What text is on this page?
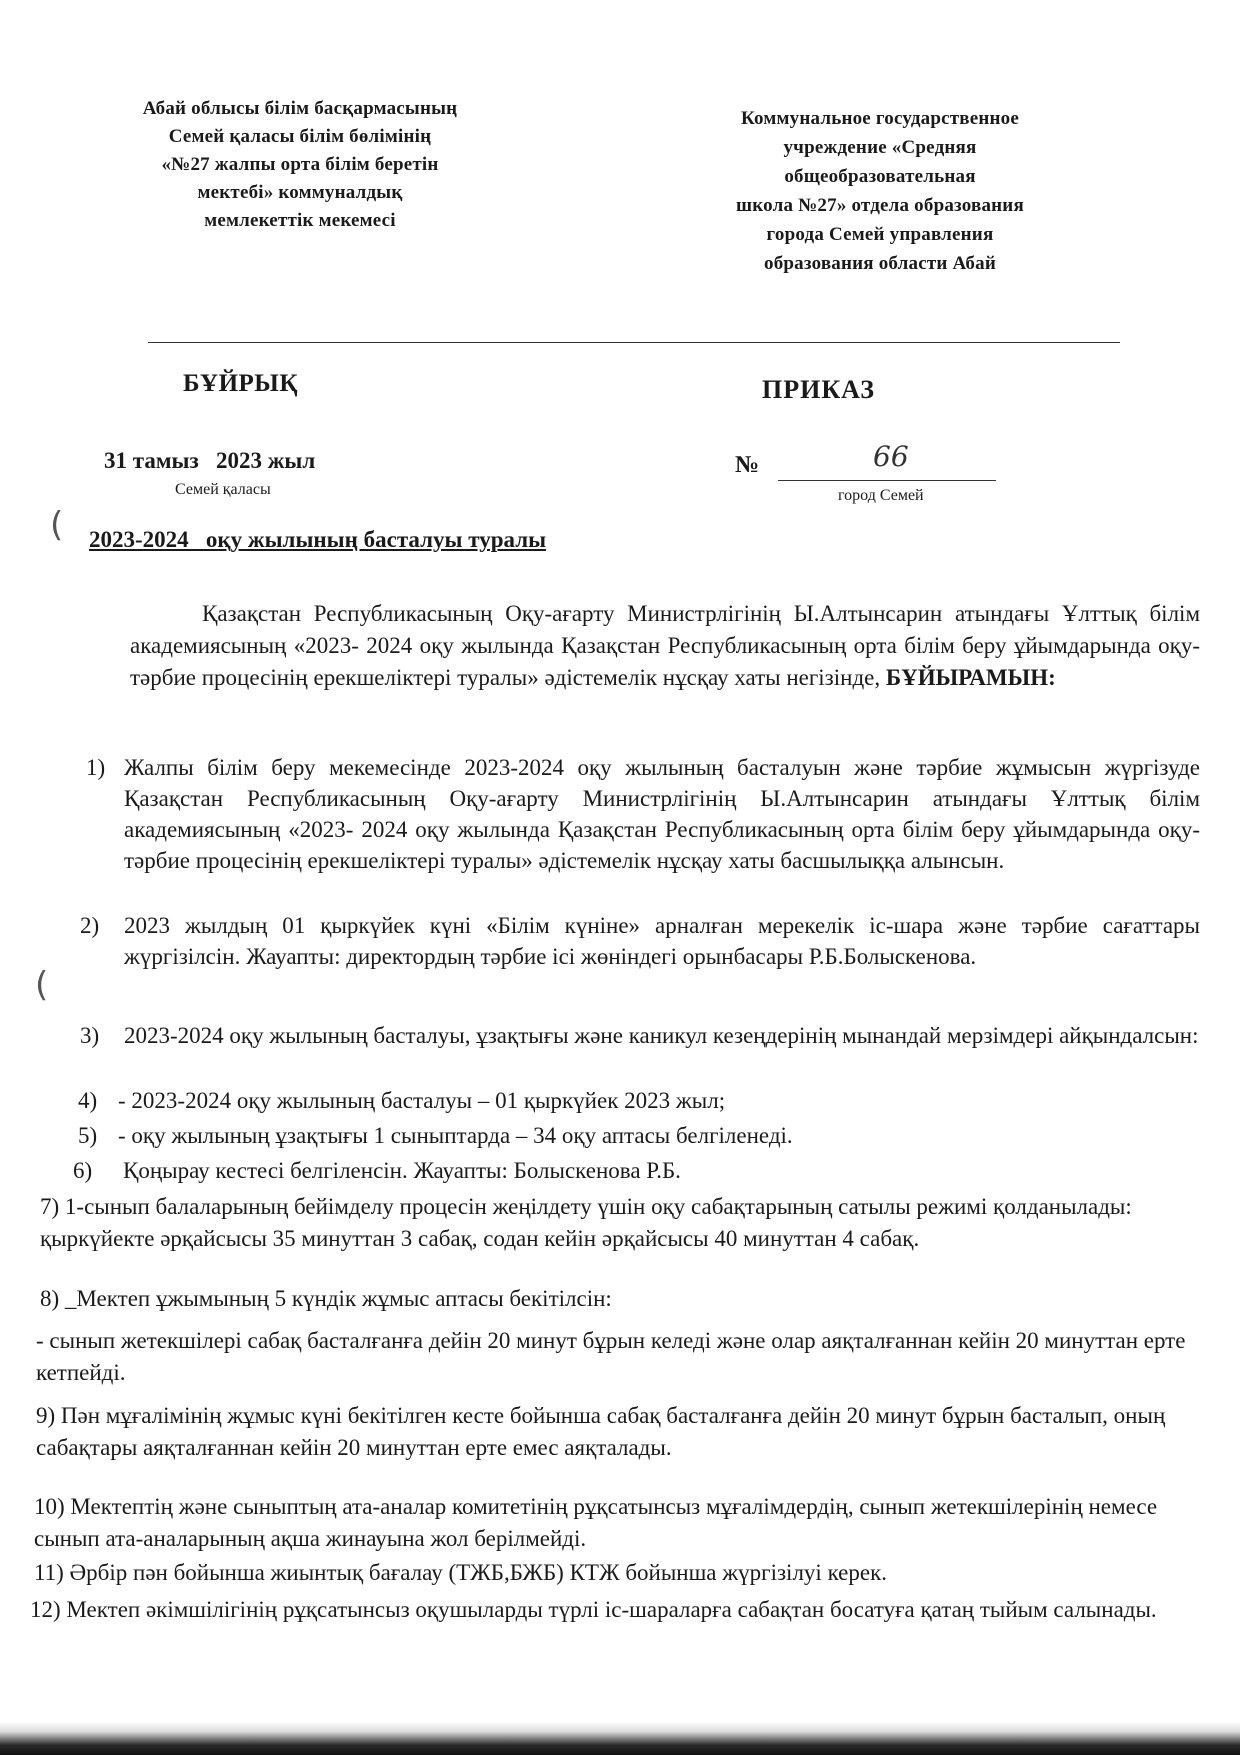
Абай облысы білім басқармасының
Семей қаласы білім бөлімінің
«№27 жалпы орта білім беретін
мектебі» коммуналдық
мемлекеттік мекемесі
Коммунальное государственное
учреждение «Средняя
общеобразовательная
школа №27» отдела образования
города Семей управления
образования области Абай
БҰЙРЫҚ	ПРИКАЗ
31 тамыз   2023 жыл
Семей қаласы
№	66
город Семей
(
(
2023-2024   оқу жылының басталуы туралы
Қазақстан Республикасының Оқу-ағарту Министрлігінің Ы.Алтынсарин атындағы Ұлттық білім академиясының «2023- 2024 оқу жылында Қазақстан Республикасының орта білім беру ұйымдарында оқу-тәрбие процесінің ерекшеліктері туралы» әдістемелік нұсқау хаты негізінде, БҰЙЫРАМЫН:
1) Жалпы білім беру мекемесінде 2023-2024 оқу жылының басталуын және тәрбие жұмысын жүргізуде Қазақстан Республикасының Оқу-ағарту Министрлігінің Ы.Алтынсарин атындағы Ұлттық білім академиясының «2023- 2024 оқу жылында Қазақстан Республикасының орта білім беру ұйымдарында оқу-тәрбие процесінің ерекшеліктері туралы» әдістемелік нұсқау хаты басшылыққа алынсын.
2) 2023 жылдың 01 қыркүйек күні «Білім күніне» арналған мерекелік іс-шара және тәрбие сағаттары жүргізілсін. Жауапты: директордың тәрбие ісі жөніндегі орынбасары Р.Б.Болыскенова.
3) 2023-2024 оқу жылының басталуы, ұзақтығы және каникул кезеңдерінің мынандай мерзімдері айқындалсын:
4) - 2023-2024 оқу жылының басталуы – 01 қыркүйек 2023 жыл;
5) - оқу жылының ұзақтығы 1 сыныптарда – 34 оқу аптасы белгіленеді.
6) Қоңырау кестесі белгіленсін. Жауапты: Болыскенова Р.Б.
7) 1-сынып балаларының бейімделу процесін жеңілдету үшін оқу сабақтарының сатылы режимі қолданылады: қыркүйекте әрқайсысы 35 минуттан 3 сабақ, содан кейін әрқайсысы 40 минуттан 4 сабақ.
8) _Мектеп ұжымының 5 күндік жұмыс аптасы бекітілсін:
- сынып жетекшілері сабақ басталғанға дейін 20 минут бұрын келеді және олар аяқталғаннан кейін 20 минуттан ерте кетпейді.
9) Пән мұғалімінің жұмыс күні бекітілген кесте бойынша сабақ басталғанға дейін 20 минут бұрын басталып, оның сабақтары аяқталғаннан кейін 20 минуттан ерте емес аяқталады.
10) Мектептің және сыныптың ата-аналар комитетінің рұқсатынсыз мұғалімдердің, сынып жетекшілерінің немесе сынып ата-аналарының ақша жинауына жол берілмейді.
11) Әрбір пән бойынша жиынтық бағалау (ТЖБ,БЖБ) КТЖ бойынша жүргізілуі керек.
12) Мектеп әкімшілігінің рұқсатынсыз оқушыларды түрлі іс-шараларға сабақтан босатуға қатаң тыйым салынады.
